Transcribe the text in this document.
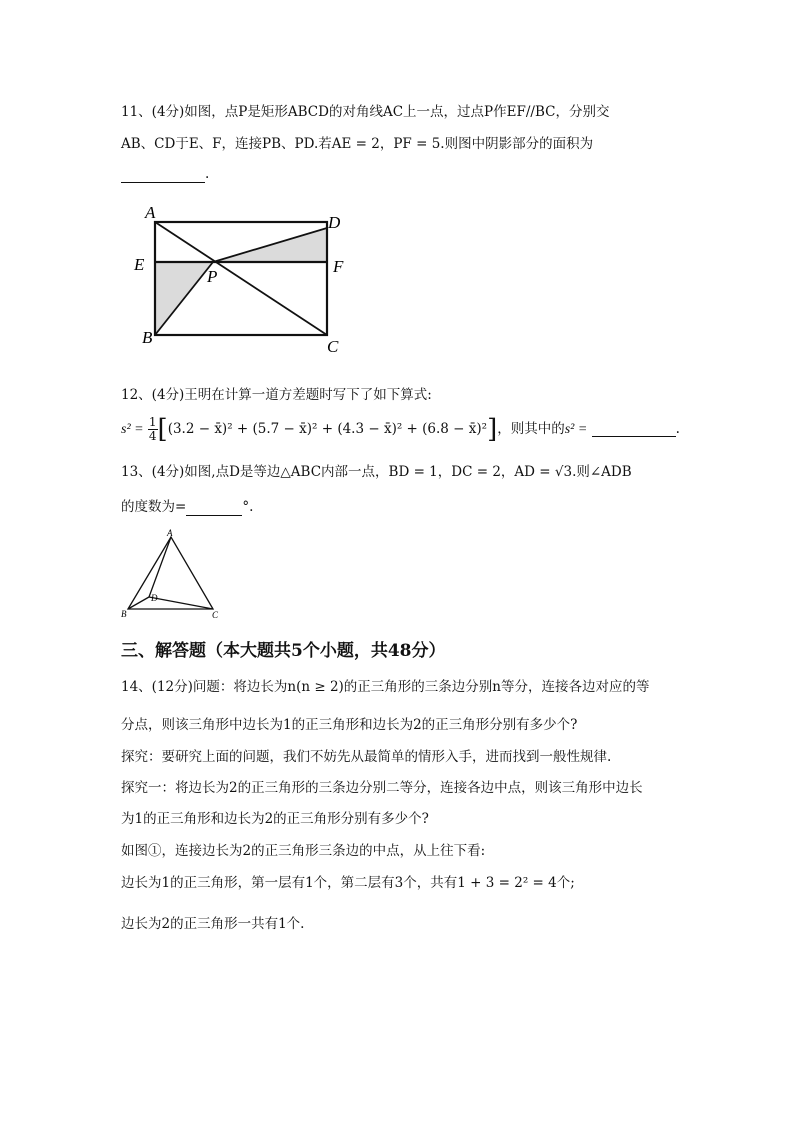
11、(4分)如图，点P是矩形ABCD的对角线AC上一点，过点P作EF//BC，分别交
AB、CD于E、F，连接PB、PD.若AE = 2，PF = 5.则图中阴影部分的面积为
.
A
D
E	F
P
B	C
12、(4分)王明在计算一道方差题时写下了如下算式:
$s^2 = \frac{1}{4} [(3.2$ − x̄)² + (5.7 − x̄)² + (4.3 − x̄)² + (6.8 − x̄)²]，则其中的s² =	.
13、(4分)如图,点D是等边△ABC内部一点，BD = 1，DC = 2，AD = √3.则∠ADB
的度数为=	°.
A
B	C
D
三、解答题（本大题共5个小题，共48分）
14、(12分)问题：将边长为n(n ≥ 2)的正三角形的三条边分别n等分，连接各边对应的等
分点，则该三角形中边长为1的正三角形和边长为2的正三角形分别有多少个?
探究：要研究上面的问题，我们不妨先从最简单的情形入手，进而找到一般性规律.
探究一：将边长为2的正三角形的三条边分别二等分，连接各边中点，则该三角形中边长
为1的正三角形和边长为2的正三角形分别有多少个?
如图①，连接边长为2的正三角形三条边的中点，从上往下看:
边长为1的正三角形，第一层有1个，第二层有3个，共有1 + 3 = 2² = 4个;
边长为2的正三角形一共有1个.
